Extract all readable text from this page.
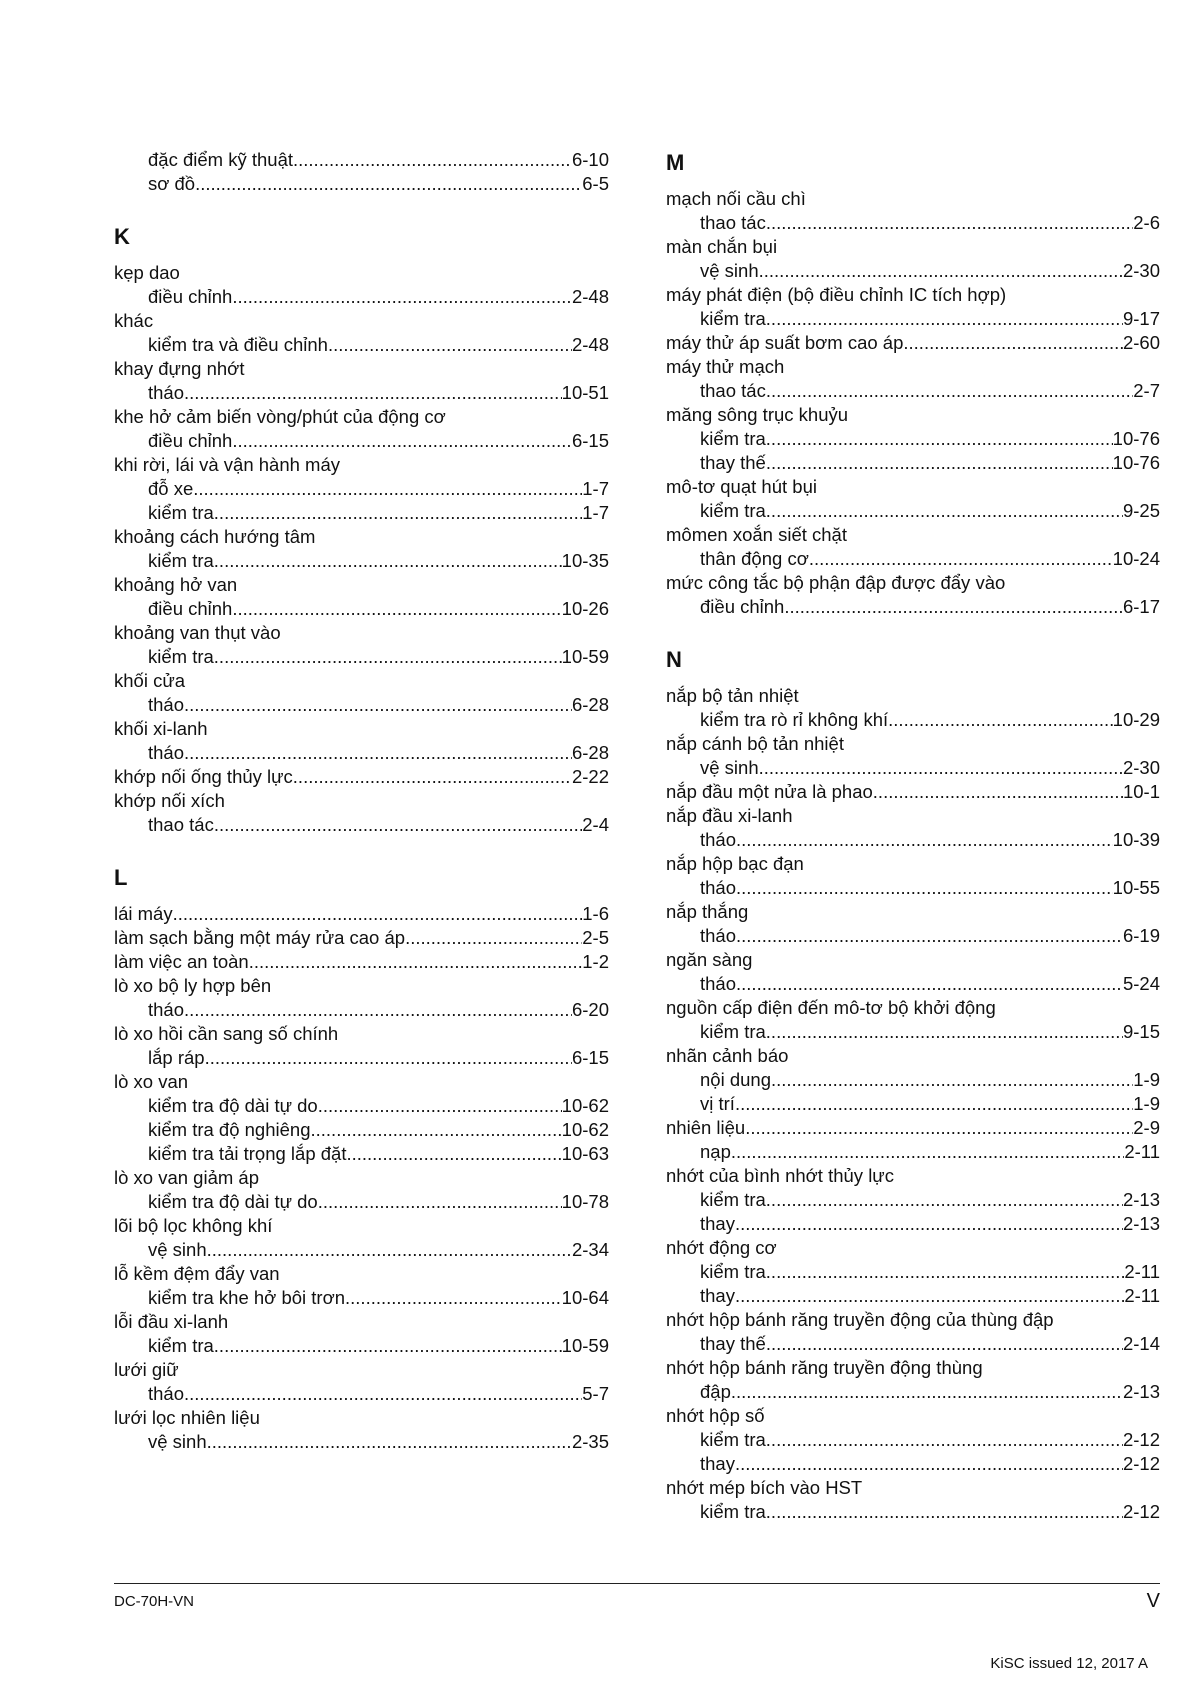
đặc điểm kỹ thuật .....	6-10
sơ đồ .....	6-5
K
kẹp dao
điều chỉnh .....	2-48
khác
kiểm tra và điều chỉnh .....	2-48
khay đựng nhớt
tháo .....	10-51
khe hở cảm biến vòng/phút của động cơ
điều chỉnh .....	6-15
khi rời, lái và vận hành máy
đỗ xe .....	1-7
kiểm tra .....	1-7
khoảng cách hướng tâm
kiểm tra .....	10-35
khoảng hở van
điều chỉnh .....	10-26
khoảng van thụt vào
kiểm tra .....	10-59
khối cửa
tháo .....	6-28
khối xi-lanh
tháo .....	6-28
khớp nối ống thủy lực .....	2-22
khớp nối xích
thao tác .....	2-4
L
lái máy .....	1-6
làm sạch bằng một máy rửa cao áp .....	2-5
làm việc an toàn .....	1-2
lò xo bộ ly hợp bên
tháo .....	6-20
lò xo hồi cần sang số chính
lắp ráp .....	6-15
lò xo van
kiểm tra độ dài tự do .....	10-62
kiểm tra độ nghiêng .....	10-62
kiểm tra tải trọng lắp đặt .....	10-63
lò xo van giảm áp
kiểm tra độ dài tự do .....	10-78
lõi bộ lọc không khí
vệ sinh .....	2-34
lỗ kềm đệm đẩy van
kiểm tra khe hở bôi trơn .....	10-64
lỗi đầu xi-lanh
kiểm tra .....	10-59
lưới giữ
tháo .....	5-7
lưới lọc nhiên liệu
vệ sinh .....	2-35
M
mạch nối cầu chì
thao tác .....	2-6
màn chắn bụi
vệ sinh .....	2-30
máy phát điện (bộ điều chỉnh IC tích hợp)
kiểm tra .....	9-17
máy thử áp suất bơm cao áp .....	2-60
máy thử mạch
thao tác .....	2-7
măng sông trục khuỷu
kiểm tra .....	10-76
thay thế .....	10-76
mô-tơ quạt hút bụi
kiểm tra .....	9-25
mômen xoắn siết chặt
thân động cơ .....	10-24
mức công tắc bộ phận đập được đẩy vào
điều chỉnh .....	6-17
N
nắp bộ tản nhiệt
kiểm tra rò rỉ không khí .....	10-29
nắp cánh bộ tản nhiệt
vệ sinh .....	2-30
nắp đầu một nửa là phao .....	10-1
nắp đầu xi-lanh
tháo .....	10-39
nắp hộp bạc đạn
tháo .....	10-55
nắp thắng
tháo .....	6-19
ngăn sàng
tháo .....	5-24
nguồn cấp điện đến mô-tơ bộ khởi động
kiểm tra .....	9-15
nhãn cảnh báo
nội dung .....	1-9
vị trí .....	1-9
nhiên liệu .....	2-9
nạp .....	2-11
nhớt của bình nhớt thủy lực
kiểm tra .....	2-13
thay .....	2-13
nhớt động cơ
kiểm tra .....	2-11
thay .....	2-11
nhớt hộp bánh răng truyền động của thùng đập
thay thế .....	2-14
nhớt hộp bánh răng truyền động thùng
đập .....	2-13
nhớt hộp số
kiểm tra .....	2-12
thay .....	2-12
nhớt mép bích vào HST
kiểm tra .....	2-12
DC-70H-VN	V
KiSC issued 12, 2017 A
